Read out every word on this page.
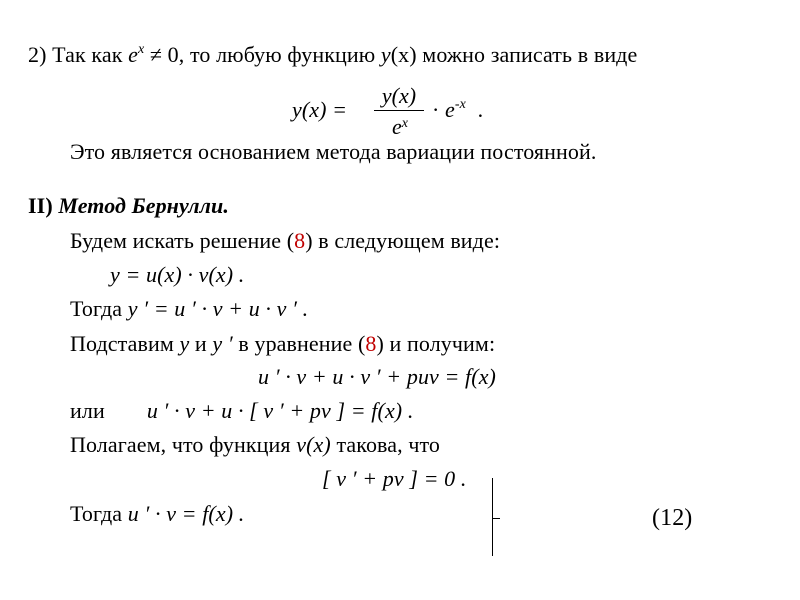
2) Так как $e^x \ne 0$, то любую функцию y(x) можно записать в виде
y(x) =
y(x)
$e^x$
· $e^{-x}$ .
Это является основанием метода вариации постоянной.
II) Метод Бернулли.
Будем искать решение (8) в следующем виде:
y = u(x) · v(x) .
Тогда y ′ = u ′ · v + u · v ′ .
Подставим y и y ′ в уравнение (8) и получим:
u ′ · v + u · v ′ + puv = f(x)
или u ′ · v + u · [ v ′ + pv ] = f(x) .
Полагаем, что функция v(x) такова, что
[ v ′ + pv ] = 0 .
Тогда u ′ · v = f(x) .	(12)
